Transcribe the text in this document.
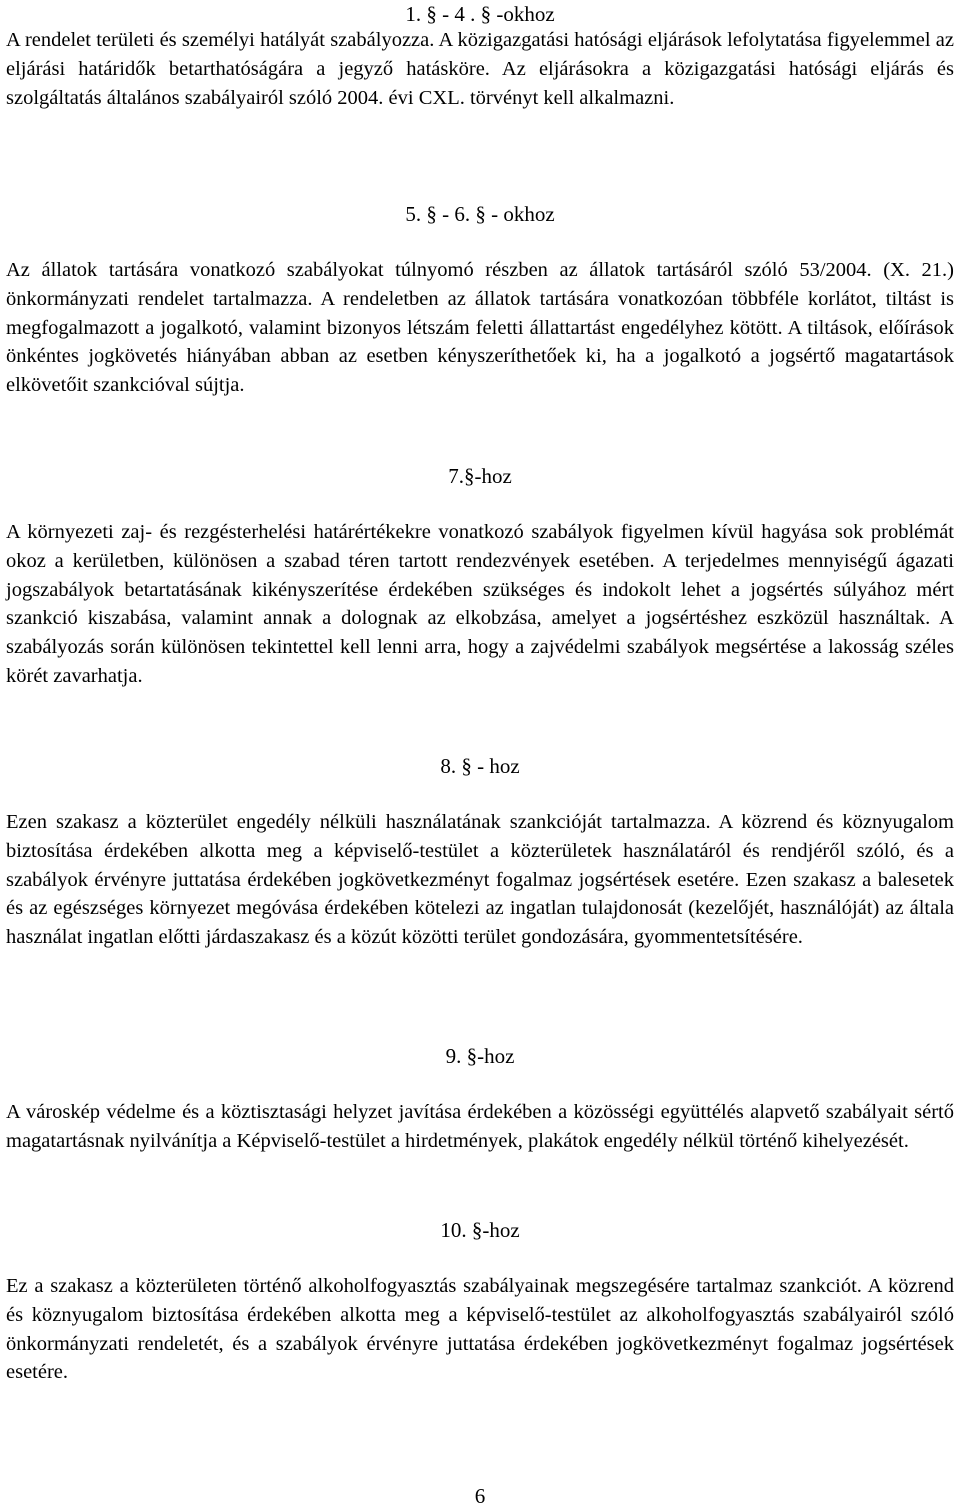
1. § - 4 . § -okhoz

A rendelet területi és személyi hatályát szabályozza. A közigazgatási hatósági eljárások lefolytatása figyelemmel az eljárási határidők betarthatóságára a jegyző hatásköre. Az eljárásokra a közigazgatási hatósági eljárás és szolgáltatás általános szabályairól szóló 2004. évi CXL. törvényt kell alkalmazni.

5. § - 6. § - okhoz

Az állatok tartására vonatkozó szabályokat túlnyomó részben az állatok tartásáról szóló 53/2004. (X. 21.) önkormányzati rendelet tartalmazza. A rendeletben az állatok tartására vonatkozóan többféle korlátot, tiltást is megfogalmazott a jogalkotó, valamint bizonyos létszám feletti állattartást engedélyhez kötött. A tiltások, előírások önkéntes jogkövetés hiányában abban az esetben kényszeríthetőek ki, ha a jogalkotó a jogsértő magatartások elkövetőit szankcióval sújtja.

7.§-hoz

A környezeti zaj- és rezgésterhelési határértékekre vonatkozó szabályok figyelmen kívül hagyása sok problémát okoz a kerületben, különösen a szabad téren tartott rendezvények esetében. A terjedelmes mennyiségű ágazati jogszabályok betartatásának kikényszerítése érdekében szükséges és indokolt lehet a jogsértés súlyához mért szankció kiszabása, valamint annak a dolognak az elkobzása, amelyet a jogsértéshez eszközül használtak. A szabályozás során különösen tekintettel kell lenni arra, hogy a zajvédelmi szabályok megsértése a lakosság széles körét zavarhatja.

8. § - hoz

Ezen szakasz a közterület engedély nélküli használatának szankcióját tartalmazza. A közrend és köznyugalom biztosítása érdekében alkotta meg a képviselő-testület a közterületek használatáról és rendjéről szóló, és a szabályok érvényre juttatása érdekében jogkövetkezményt fogalmaz jogsértések esetére. Ezen szakasz a balesetek és az egészséges környezet megóvása érdekében kötelezi az ingatlan tulajdonosát (kezelőjét, használóját) az általa használat ingatlan előtti járdaszakasz és a közút közötti terület gondozására, gyommentetsítésére.

9. §-hoz

A városkép védelme és a köztisztasági helyzet javítása érdekében a közösségi együttélés alapvető szabályait sértő magatartásnak nyilvánítja a Képviselő-testület a hirdetmények, plakátok engedély nélkül történő kihelyezését.

10. §-hoz

Ez a szakasz a közterületen történő alkoholfogyasztás szabályainak megszegésére tartalmaz szankciót. A közrend és köznyugalom biztosítása érdekében alkotta meg a képviselő-testület az alkoholfogyasztás szabályairól szóló önkormányzati rendeletét, és a szabályok érvényre juttatása érdekében jogkövetkezményt fogalmaz jogsértések esetére.

6
